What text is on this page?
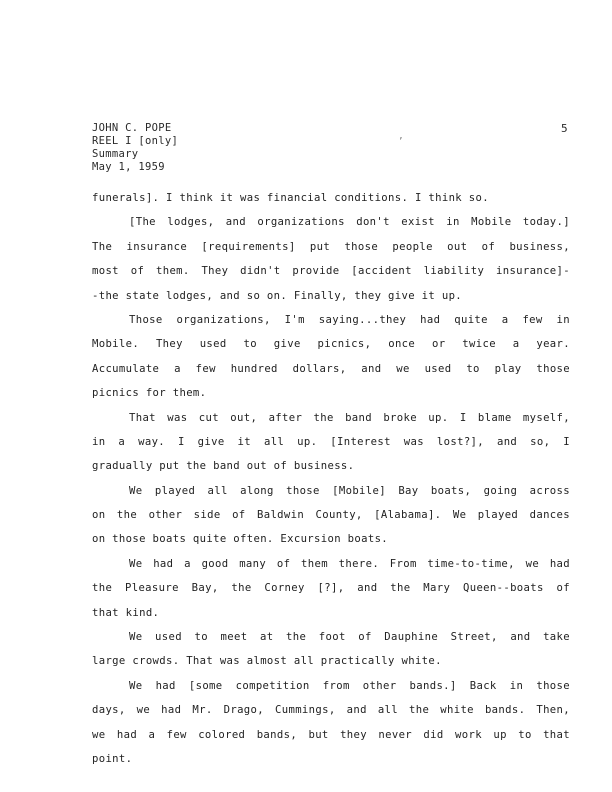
JOHN C. POPE
REEL I [only]
Summary
May 1, 1959
5
’
funerals]. I think it was financial conditions. I think so.
[The lodges, and organizations don't exist in Mobile today.]
The insurance [requirements] put those people out of business,
most of them. They didn't provide [accident liability insurance]-
-the state lodges, and so on. Finally, they give it up.
Those organizations, I'm saying...they had quite a few in
Mobile. They used to give picnics, once or twice a year.
Accumulate a few hundred dollars, and we used to play those
picnics for them.
That was cut out, after the band broke up. I blame myself,
in a way. I give it all up. [Interest was lost?], and so, I
gradually put the band out of business.
We played all along those [Mobile] Bay boats, going across
on the other side of Baldwin County, [Alabama]. We played dances
on those boats quite often. Excursion boats.
We had a good many of them there. From time-to-time, we had
the Pleasure Bay, the Corney [?], and the Mary Queen--boats of
that kind.
We used to meet at the foot of Dauphine Street, and take
large crowds. That was almost all practically white.
We had [some competition from other bands.] Back in those
days, we had Mr. Drago, Cummings, and all the white bands. Then,
we had a few colored bands, but they never did work up to that
point.
